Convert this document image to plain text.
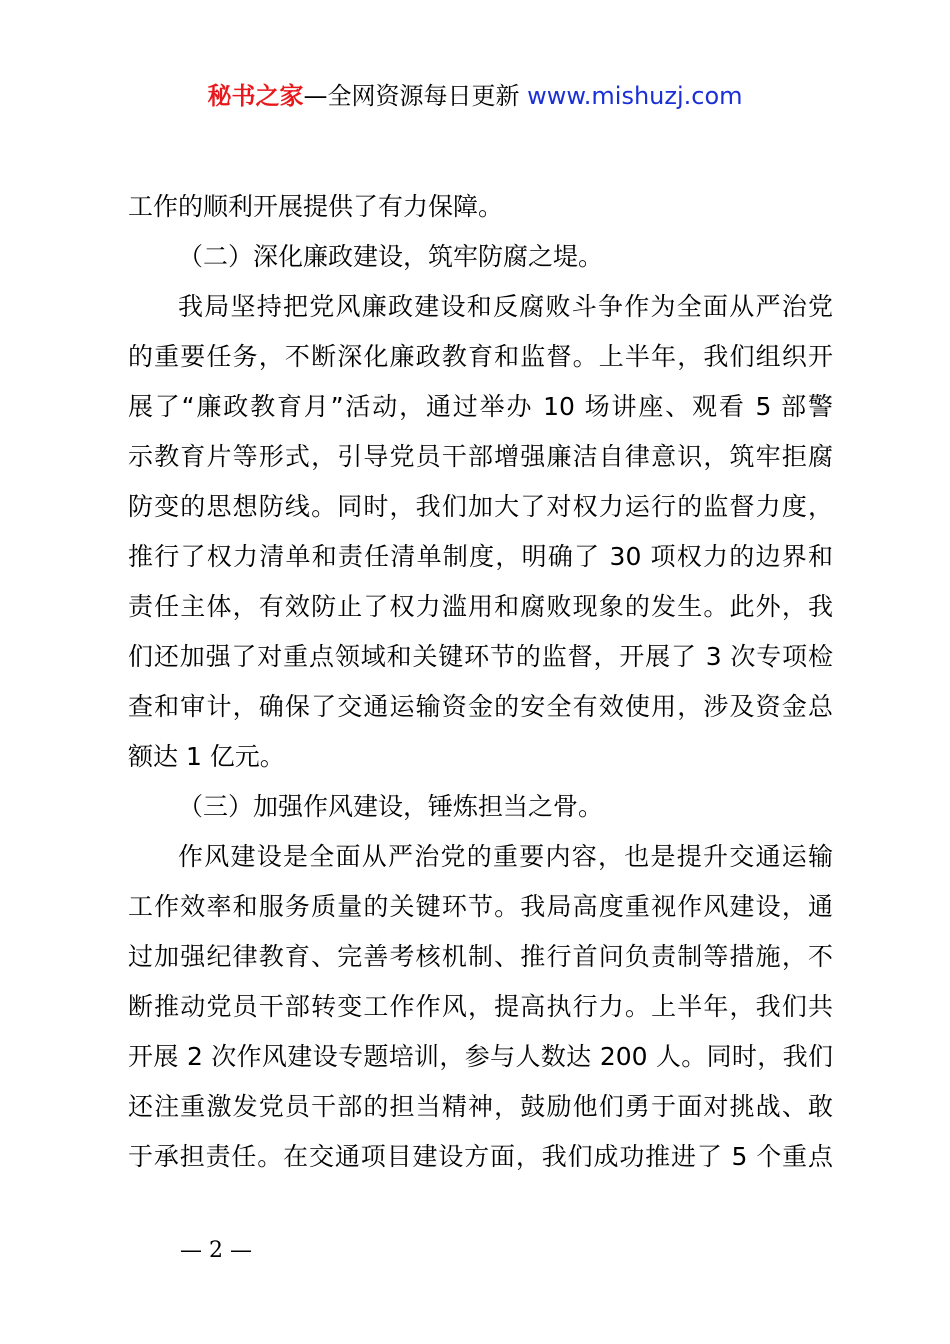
秘书之家—全网资源每日更新 www.mishuzj.com
工作的顺利开展提供了有力保障。
（二）深化廉政建设，筑牢防腐之堤。
我局坚持把党风廉政建设和反腐败斗争作为全面从严治党
的重要任务，不断深化廉政教育和监督。上半年，我们组织开
展了“廉政教育月”活动，通过举办 10 场讲座、观看 5 部警
示教育片等形式，引导党员干部增强廉洁自律意识，筑牢拒腐
防变的思想防线。同时，我们加大了对权力运行的监督力度，
推行了权力清单和责任清单制度，明确了 30 项权力的边界和
责任主体，有效防止了权力滥用和腐败现象的发生。此外，我
们还加强了对重点领域和关键环节的监督，开展了 3 次专项检
查和审计，确保了交通运输资金的安全有效使用，涉及资金总
额达 1 亿元。
（三）加强作风建设，锤炼担当之骨。
作风建设是全面从严治党的重要内容，也是提升交通运输
工作效率和服务质量的关键环节。我局高度重视作风建设，通
过加强纪律教育、完善考核机制、推行首问负责制等措施，不
断推动党员干部转变工作作风，提高执行力。上半年，我们共
开展 2 次作风建设专题培训，参与人数达 200 人。同时，我们
还注重激发党员干部的担当精神，鼓励他们勇于面对挑战、敢
于承担责任。在交通项目建设方面，我们成功推进了 5 个重点
— 2 —
